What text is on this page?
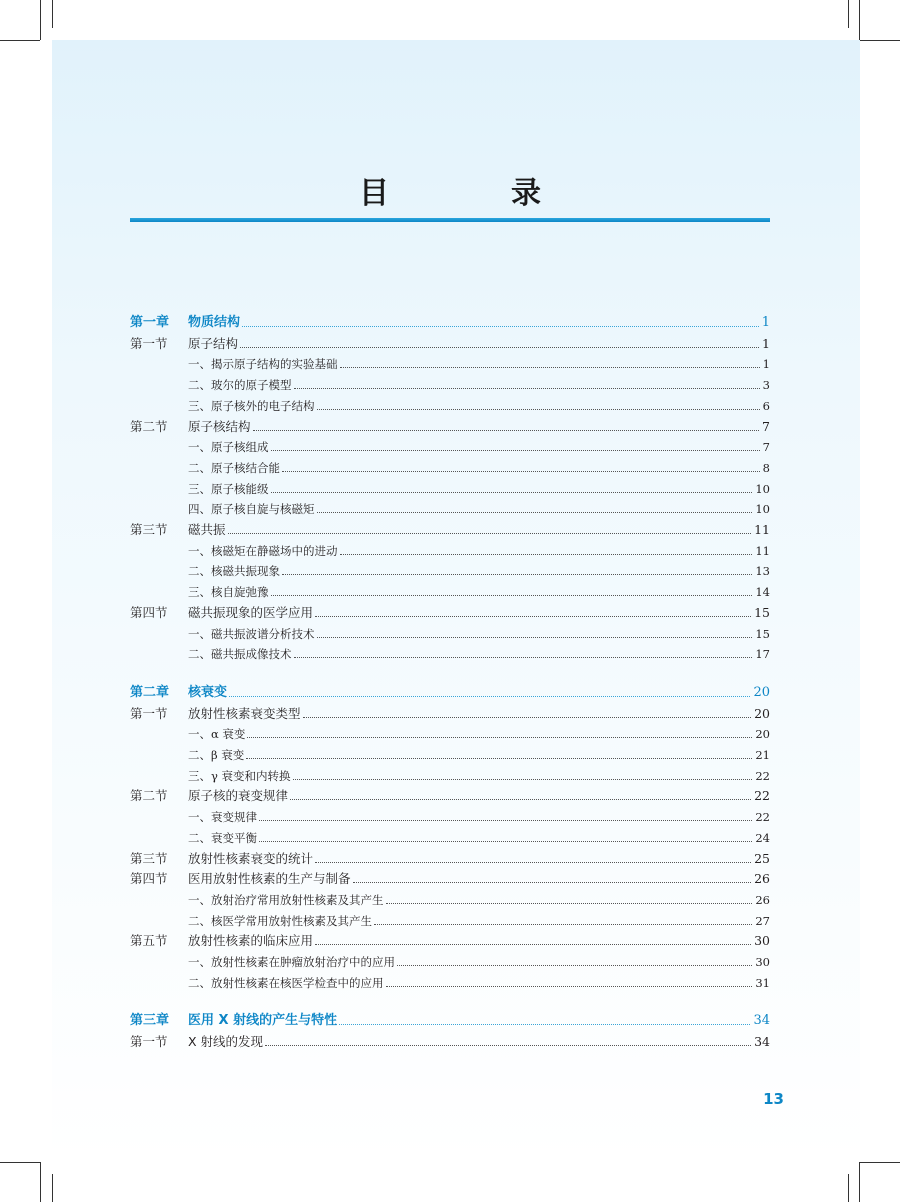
目　录
第一章 物质结构	1
第一节 原子结构	1
一、揭示原子结构的实验基础	1
二、玻尔的原子模型	3
三、原子核外的电子结构	6
第二节 原子核结构	7
一、原子核组成	7
二、原子核结合能	8
三、原子核能级	10
四、原子核自旋与核磁矩	10
第三节 磁共振	11
一、核磁矩在静磁场中的进动	11
二、核磁共振现象	13
三、核自旋弛豫	14
第四节 磁共振现象的医学应用	15
一、磁共振波谱分析技术	15
二、磁共振成像技术	17
第二章 核衰变	20
第一节 放射性核素衰变类型	20
一、α 衰变	20
二、β 衰变	21
三、γ 衰变和内转换	22
第二节 原子核的衰变规律	22
一、衰变规律	22
二、衰变平衡	24
第三节 放射性核素衰变的统计	25
第四节 医用放射性核素的生产与制备	26
一、放射治疗常用放射性核素及其产生	26
二、核医学常用放射性核素及其产生	27
第五节 放射性核素的临床应用	30
一、放射性核素在肿瘤放射治疗中的应用	30
二、放射性核素在核医学检查中的应用	31
第三章 医用 X 射线的产生与特性	34
第一节 X 射线的发现	34
13
